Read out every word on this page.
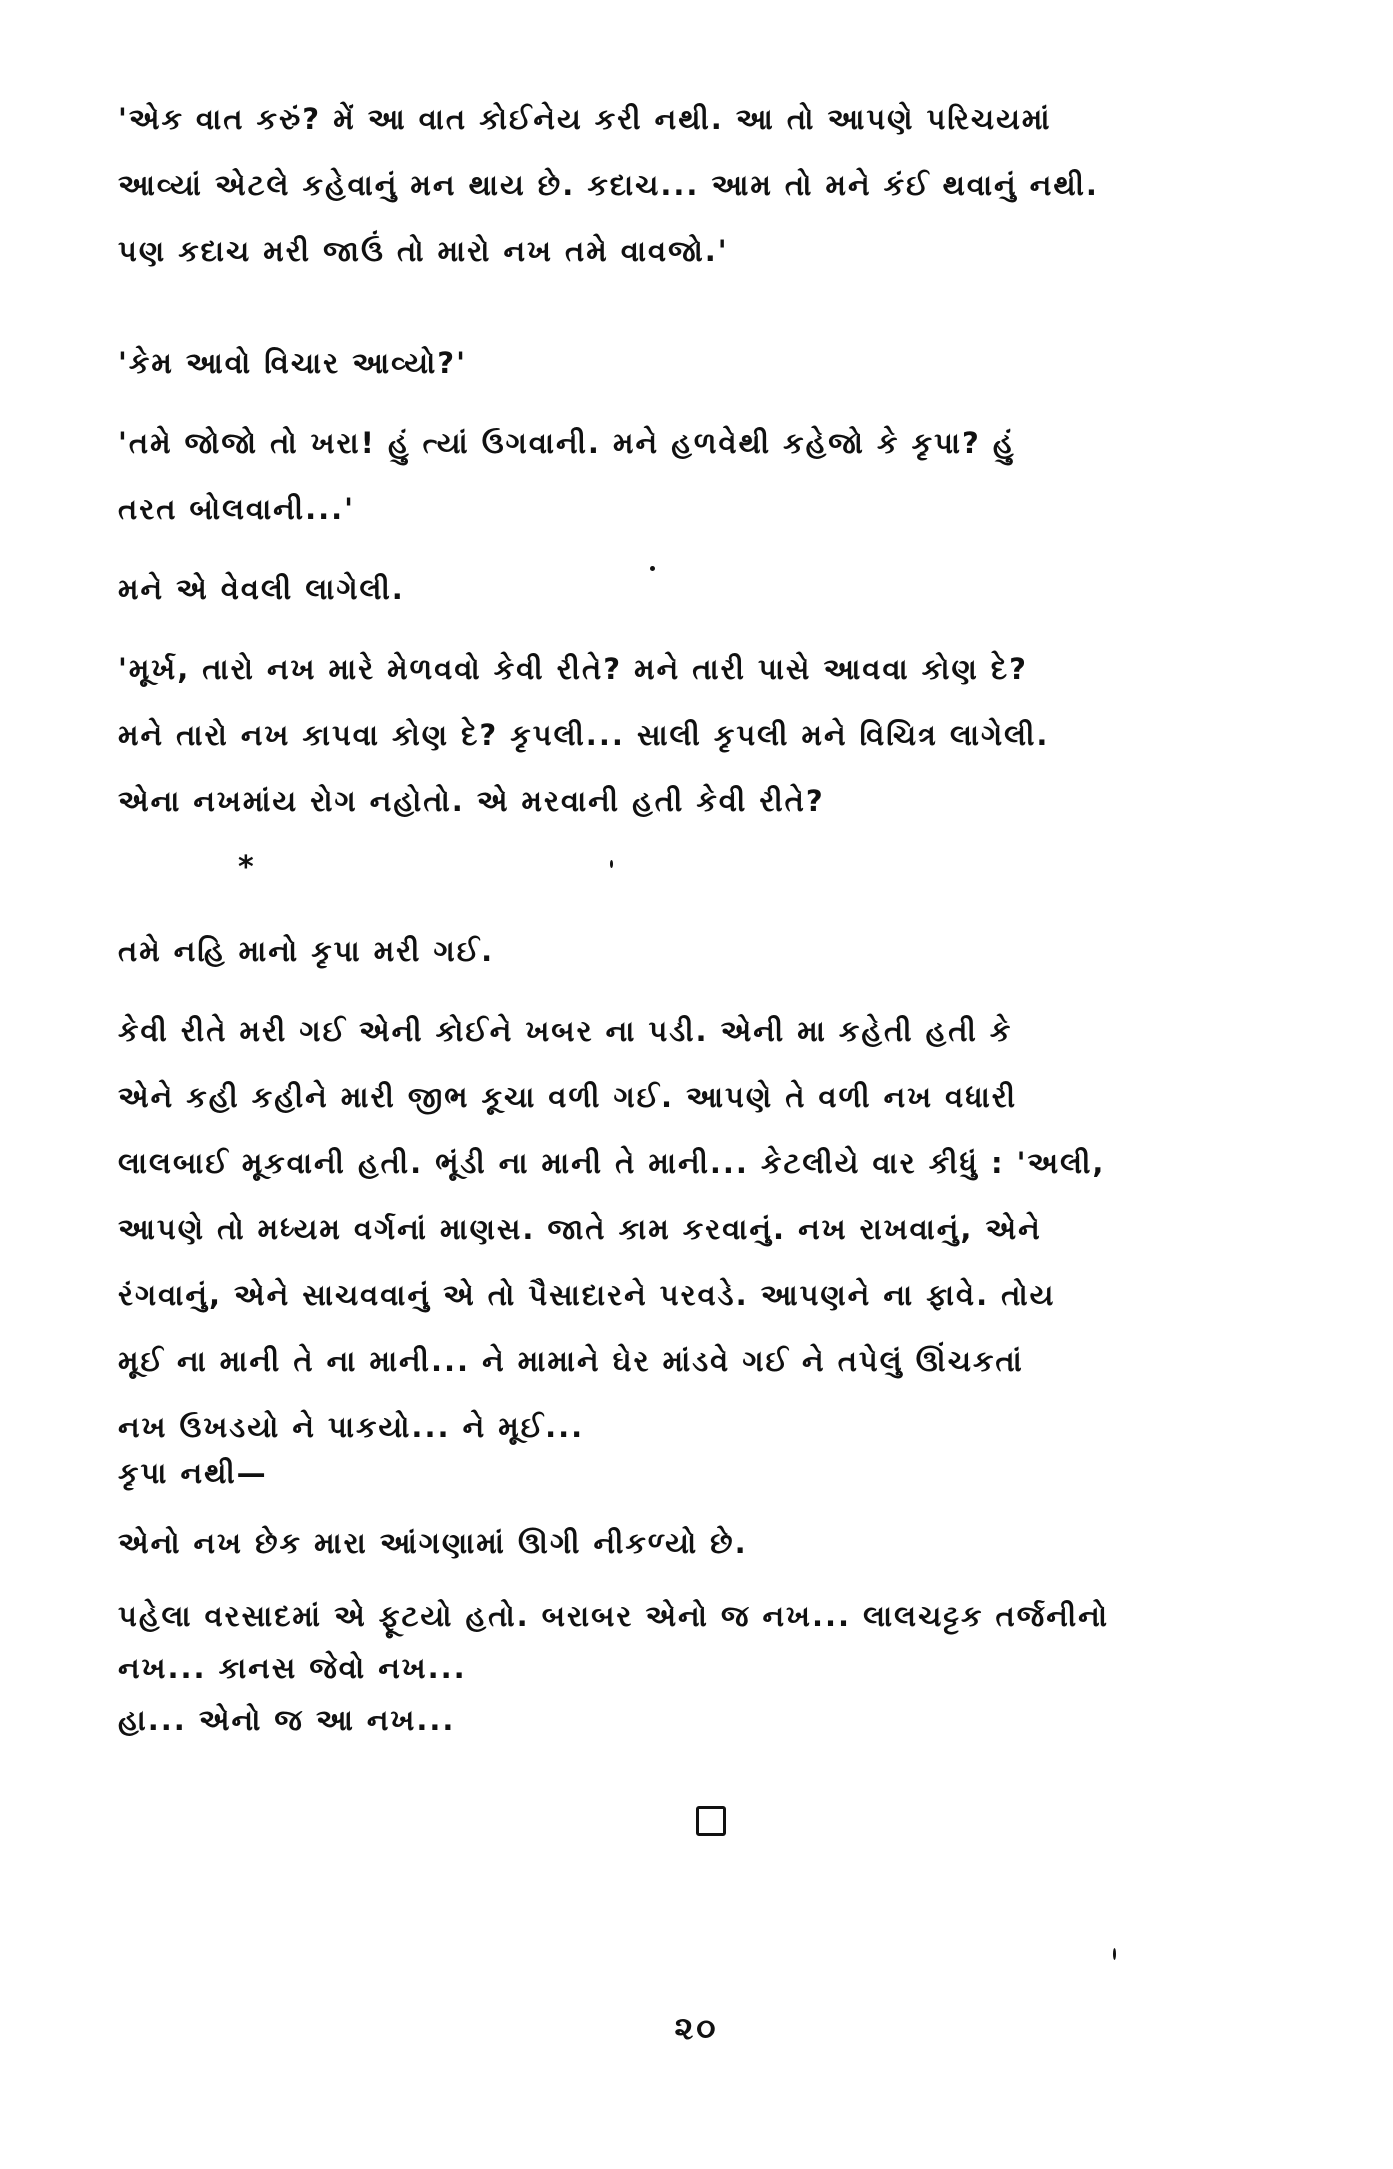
'એક વાત કરું? મેં આ વાત કોઈનેય કરી નથી. આ તો આપણે પરિચયમાં
આવ્યાં એટલે કહેવાનું મન થાય છે. કદાચ... આમ તો મને કંઈ થવાનું નથી.
પણ કદાચ મરી જાઉં તો મારો નખ તમે વાવજો.'
'કેમ આવો વિચાર આવ્યો?'
'તમે જોજો તો ખરા! હું ત્યાં ઉગવાની. મને હળવેથી કહેજો કે કૃપા? હું
તરત બોલવાની...'
મને એ વેવલી લાગેલી.
'મૂર્ખ, તારો નખ મારે મેળવવો કેવી રીતે? મને તારી પાસે આવવા કોણ દે?
મને તારો નખ કાપવા કોણ દે? કૃપલી... સાલી કૃપલી મને વિચિત્ર લાગેલી.
એના નખમાંય રોગ નહોતો. એ મરવાની હતી કેવી રીતે?
*
તમે નહિ માનો કૃપા મરી ગઈ.
કેવી રીતે મરી ગઈ એની કોઈને ખબર ના પડી. એની મા કહેતી હતી કે
એને કહી કહીને મારી જીભ કૂચા વળી ગઈ. આપણે તે વળી નખ વધારી
લાલબાઈ મૂકવાની હતી. ભૂંડી ના માની તે માની... કેટલીયે વાર કીધું : 'અલી,
આપણે તો મધ્યમ વર્ગનાં માણસ. જાતે કામ કરવાનું. નખ રાખવાનું, એને
રંગવાનું, એને સાચવવાનું એ તો પૈસાદારને પરવડે. આપણને ના ફાવે. તોય
મૂઈ ના માની તે ના માની... ને મામાને ઘેર માંડવે ગઈ ને તપેલું ઊંચકતાં
નખ ઉખડયો ને પાકયો... ને મૂઈ...
કૃપા નથી—
એનો નખ છેક મારા આંગણામાં ઊગી નીકળ્યો છે.
પહેલા વરસાદમાં એ ફૂટયો હતો. બરાબર એનો જ નખ... લાલચટ્ટક તર્જનીનો
નખ... કાનસ જેવો નખ...
હા... એનો જ આ નખ...
૨૦
